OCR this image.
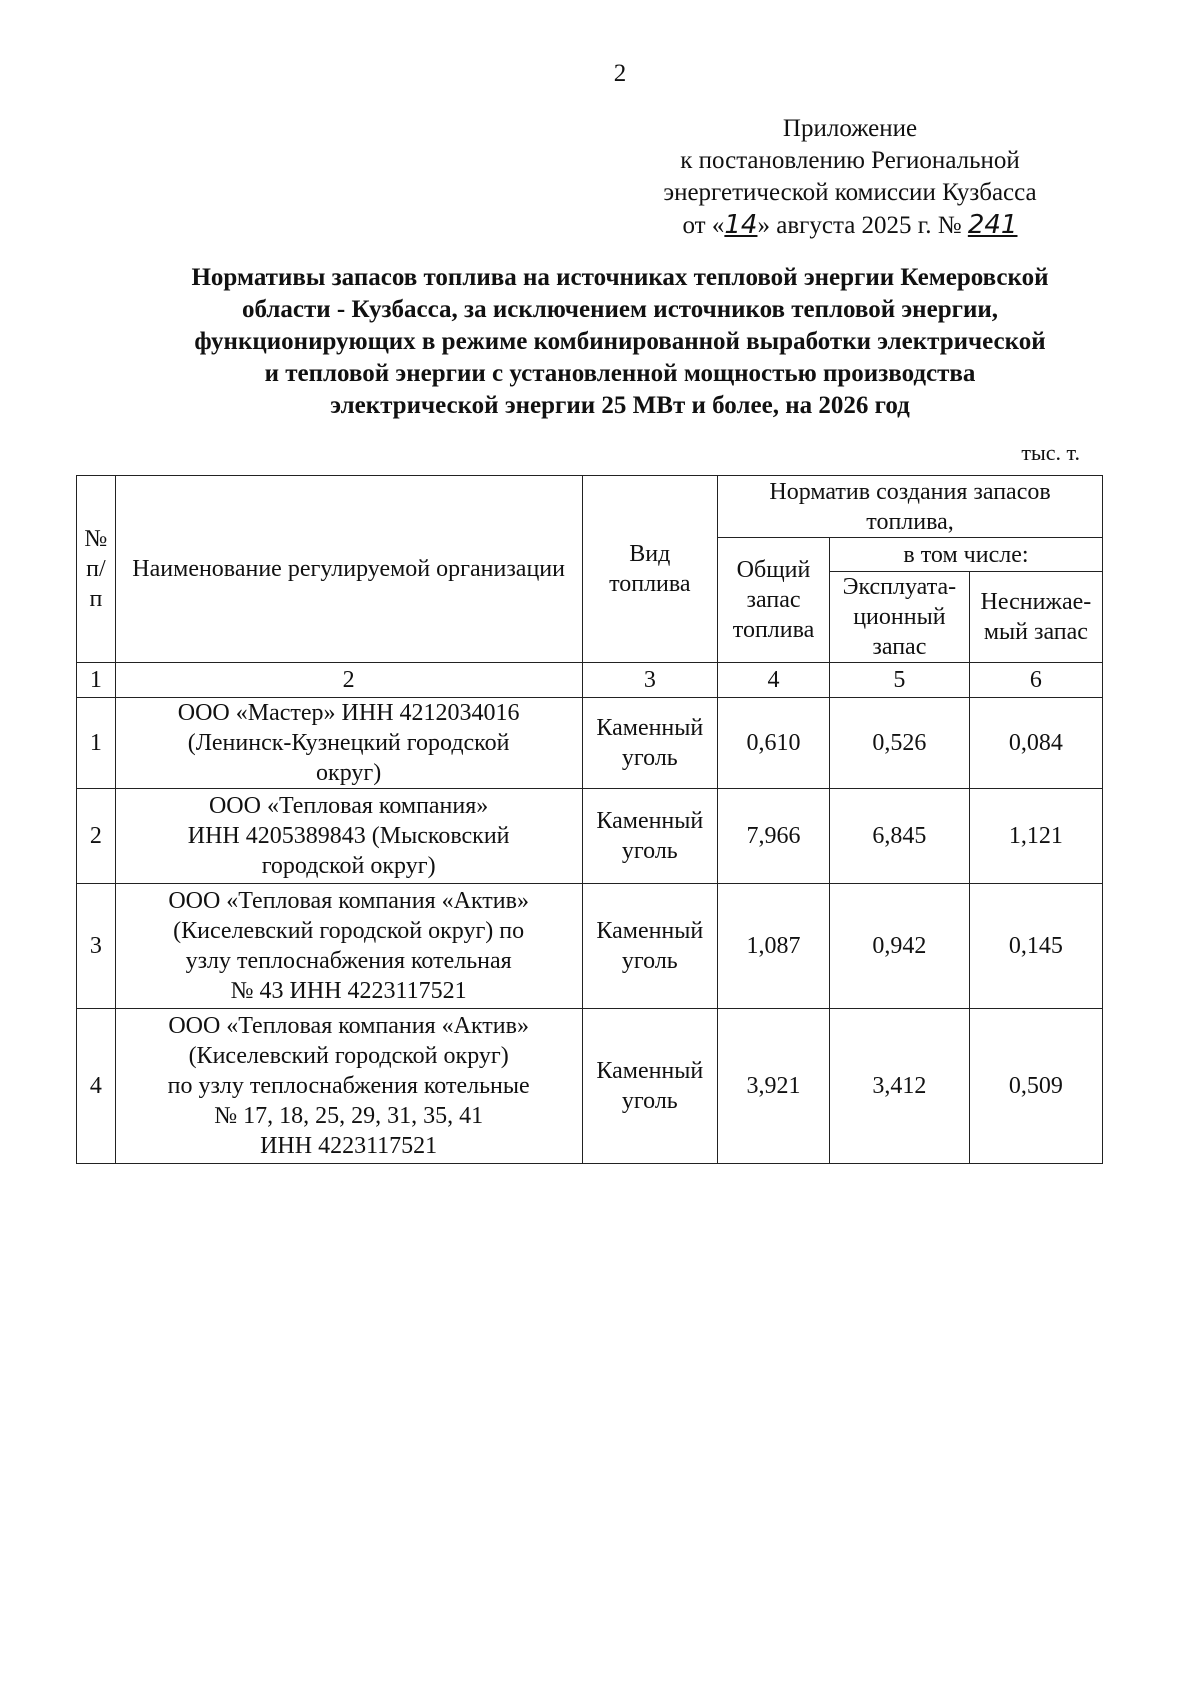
2
Приложение
к постановлению Региональной
энергетической комиссии Кузбасса
от «14» августа 2025 г. № 241
Нормативы запасов топлива на источниках тепловой энергии Кемеровской
области - Кузбасса, за исключением источников тепловой энергии,
функционирующих в режиме комбинированной выработки электрической
и тепловой энергии с установленной мощностью производства
электрической энергии 25 МВт и более, на 2026 год
тыс. т.
№ п/п	Наименование регулируемой организации	Вид топлива	Норматив создания запасов топлива,		
			Общий запас топлива	в том числе:	
				Эксплуата-ционный запас	Неснижае-мый запас
1	2	3	4	5	6
1	ООО «Мастер» ИНН 4212034016
(Ленинск-Кузнецкий городской
округ)	Каменный уголь	0,610	0,526	0,084
2	ООО «Тепловая компания»
ИНН 4205389843 (Мысковский
городской округ)	Каменный уголь	7,966	6,845	1,121
3	ООО «Тепловая компания «Актив»
(Киселевский городской округ) по
узлу теплоснабжения котельная
№ 43 ИНН 4223117521	Каменный уголь	1,087	0,942	0,145
4	ООО «Тепловая компания «Актив»
(Киселевский городской округ)
по узлу теплоснабжения котельные
№ 17, 18, 25, 29, 31, 35, 41
ИНН 4223117521	Каменный уголь	3,921	3,412	0,509
